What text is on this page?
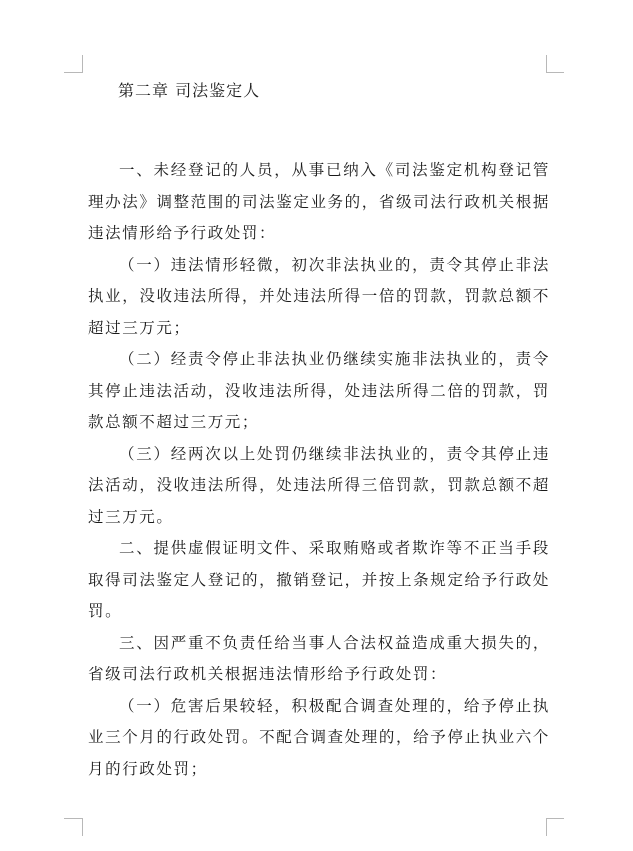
第二章 司法鉴定人

一、未经登记的人员，从事已纳入《司法鉴定机构登记管理办法》调整范围的司法鉴定业务的，省级司法行政机关根据违法情形给予行政处罚：

（一）违法情形轻微，初次非法执业的，责令其停止非法执业，没收违法所得，并处违法所得一倍的罚款，罚款总额不超过三万元；

（二）经责令停止非法执业仍继续实施非法执业的，责令其停止违法活动，没收违法所得，处违法所得二倍的罚款，罚款总额不超过三万元；

（三）经两次以上处罚仍继续非法执业的，责令其停止违法活动，没收违法所得，处违法所得三倍罚款，罚款总额不超过三万元。

二、提供虚假证明文件、采取贿赂或者欺诈等不正当手段取得司法鉴定人登记的，撤销登记，并按上条规定给予行政处罚。

三、因严重不负责任给当事人合法权益造成重大损失的，省级司法行政机关根据违法情形给予行政处罚：

（一）危害后果较轻，积极配合调查处理的，给予停止执业三个月的行政处罚。不配合调查处理的，给予停止执业六个月的行政处罚；
